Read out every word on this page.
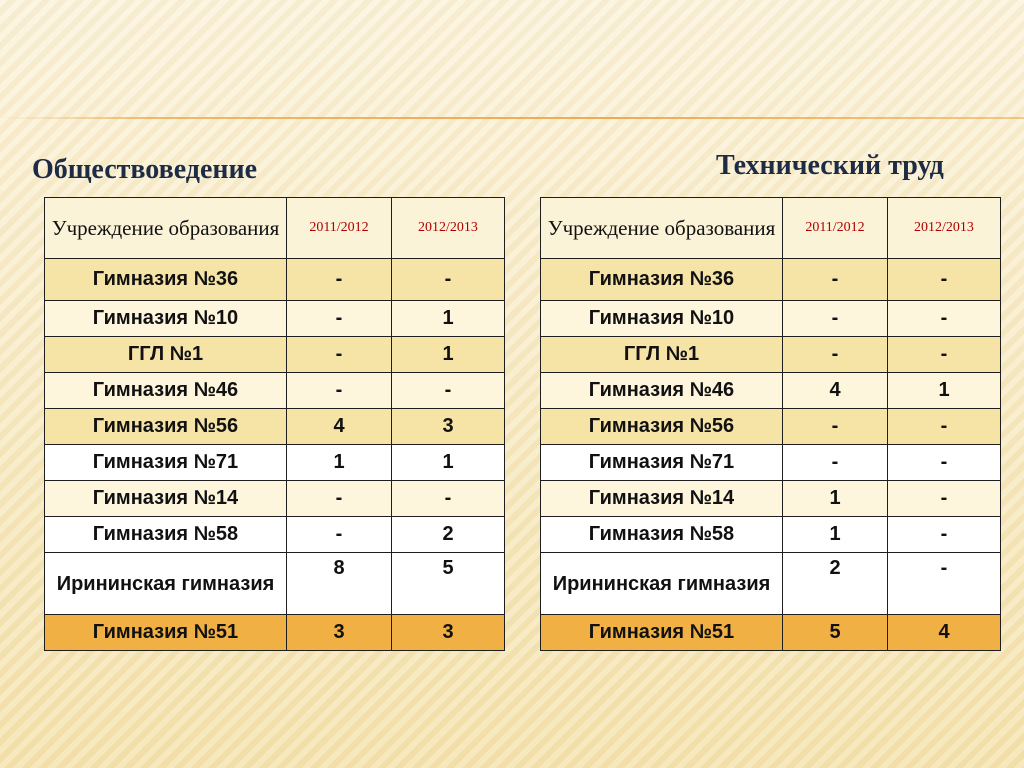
Обществоведение	Технический труд
Учреждение образования	2011/2012	2012/2013
Гимназия №36	-	-
Гимназия №10	-	1
ГГЛ №1	-	1
Гимназия №46	-	-
Гимназия №56	4	3
Гимназия №71	1	1
Гимназия №14	-	-
Гимназия №58	-	2
Ирининская гимназия	8	5
Гимназия №51	3	3
Учреждение образования	2011/2012	2012/2013
Гимназия №36	-	-
Гимназия №10	-	-
ГГЛ №1	-	-
Гимназия №46	4	1
Гимназия №56	-	-
Гимназия №71	-	-
Гимназия №14	1	-
Гимназия №58	1	-
Ирининская гимназия	2	-
Гимназия №51	5	4
